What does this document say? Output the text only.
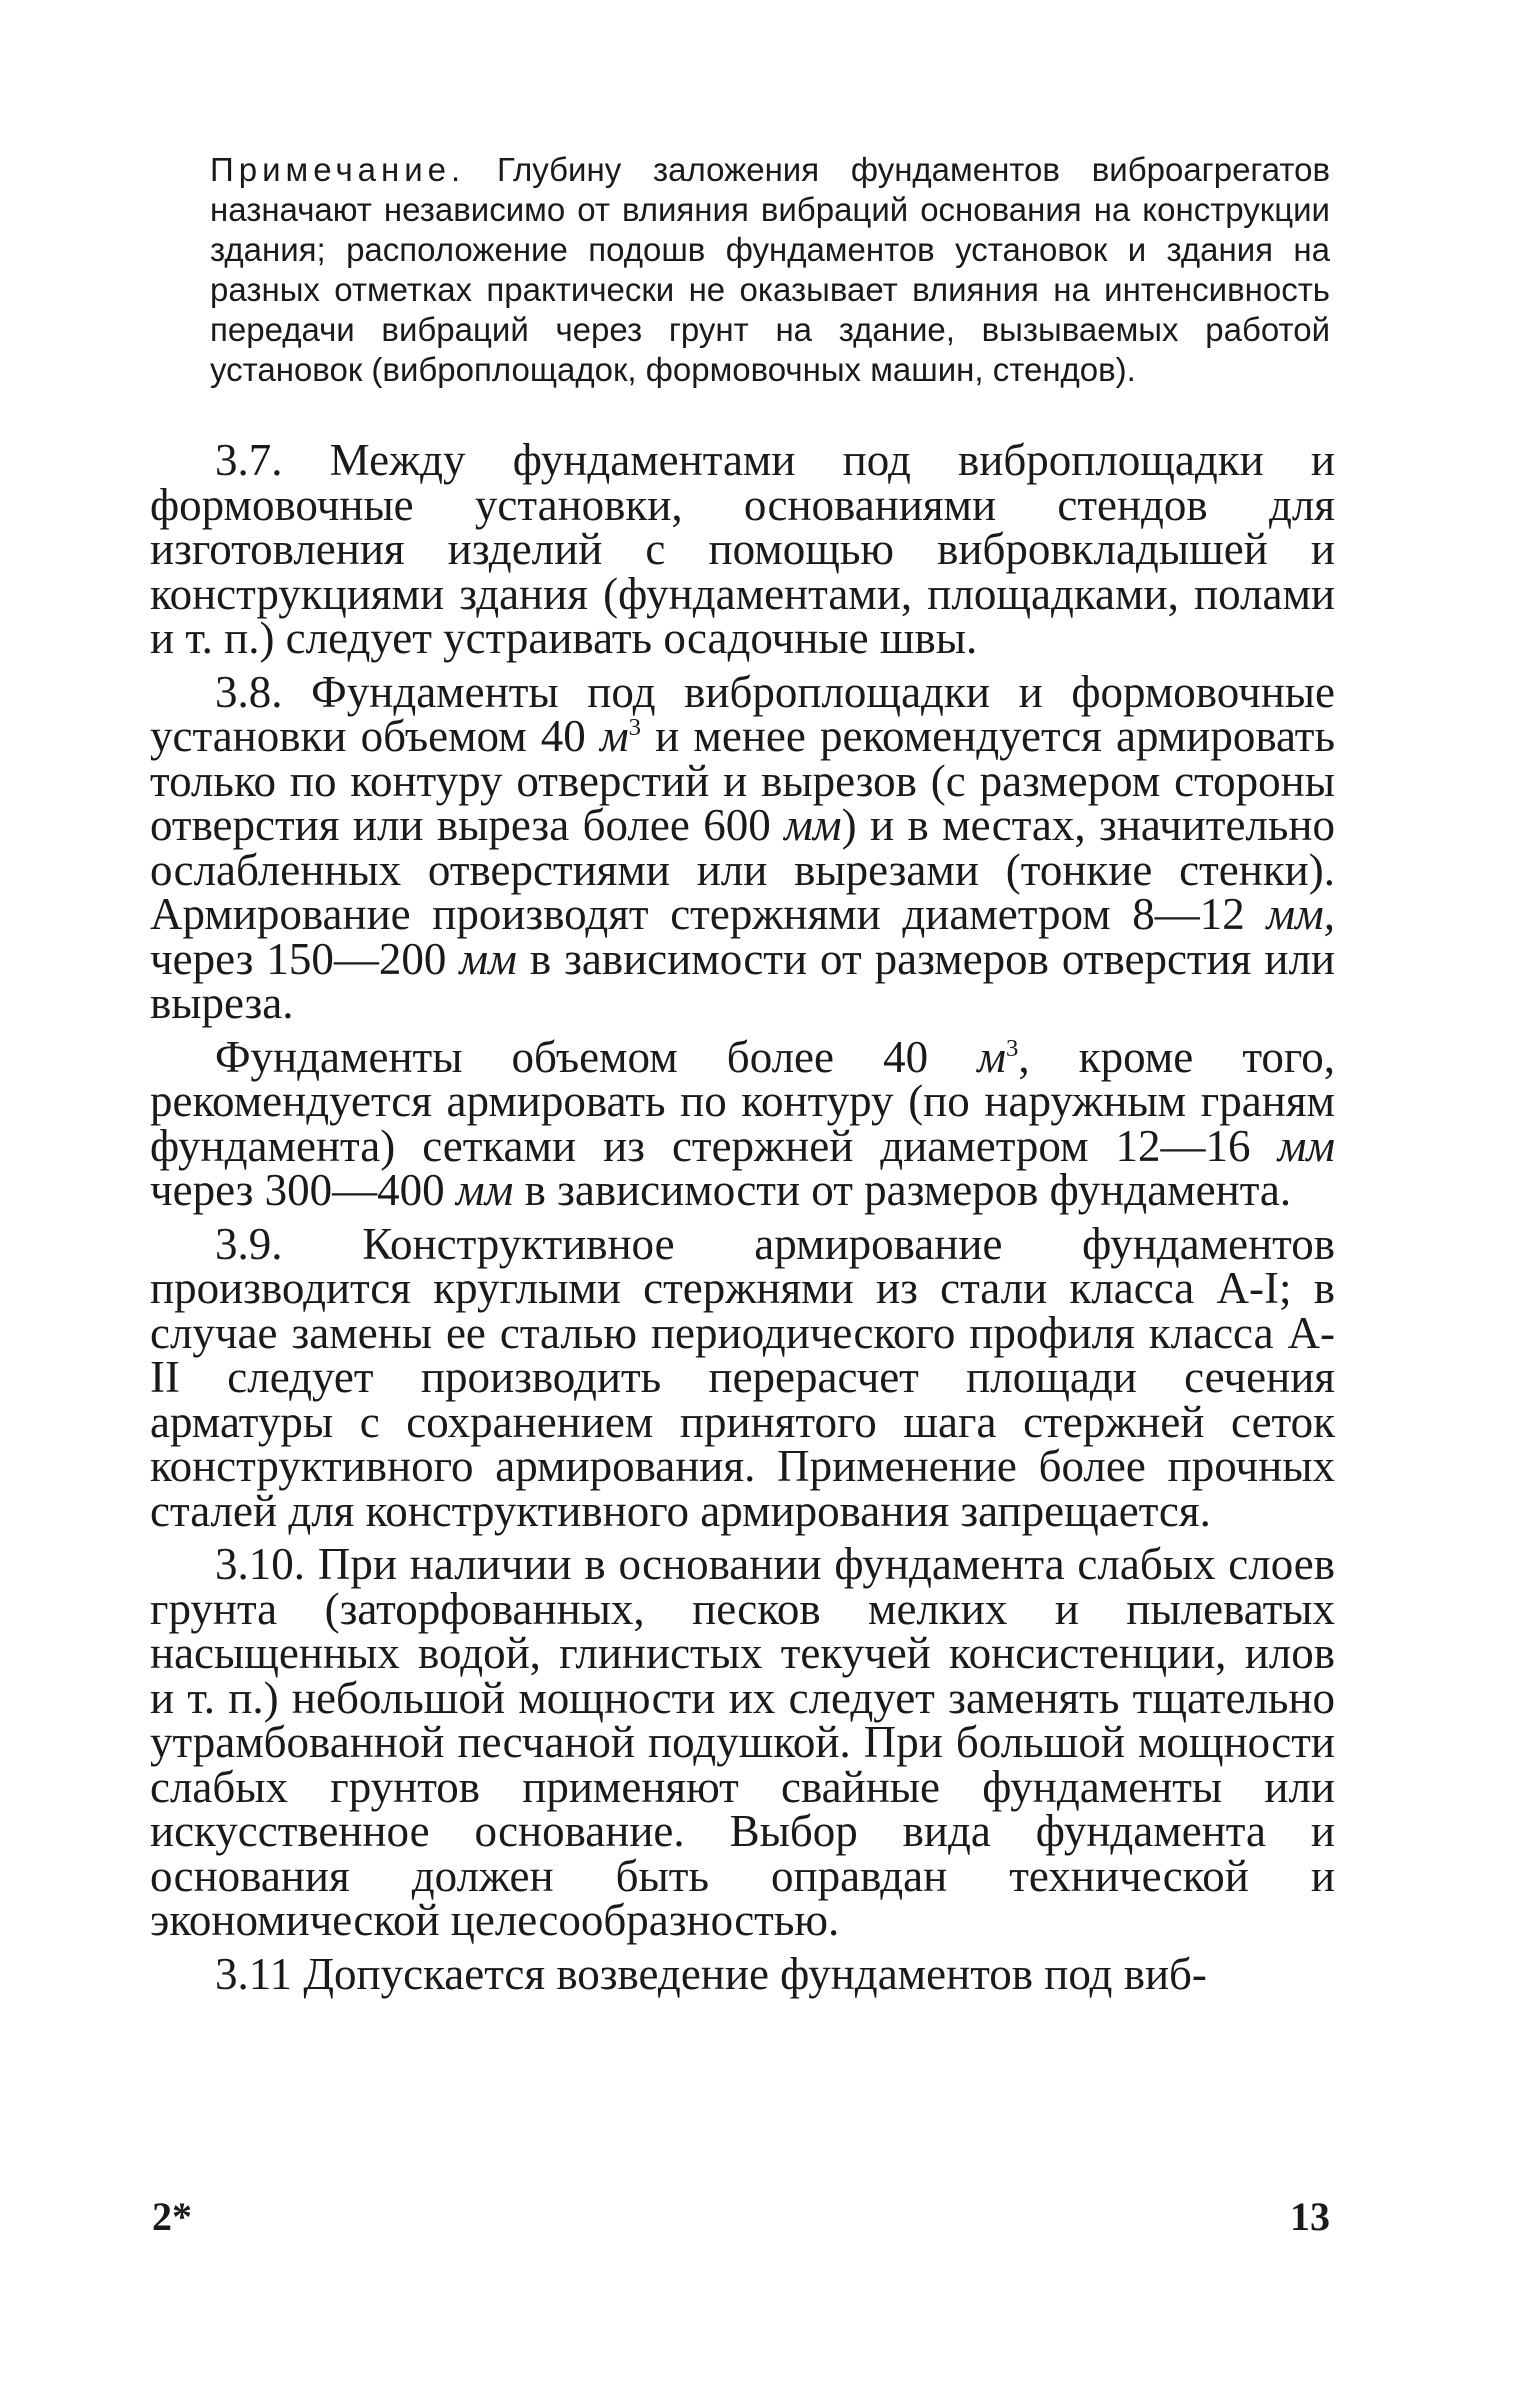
Примечание. Глубину заложения фундаментов виброагрегатов назначают независимо от влияния вибраций основания на конструкции здания; расположение подошв фундаментов установок и здания на разных отметках практически не оказывает влияния на интенсивность передачи вибраций через грунт на здание, вызываемых работой установок (виброплощадок, формовочных машин, стендов).

3.7. Между фундаментами под виброплощадки и формовочные установки, основаниями стендов для изготовления изделий с помощью вибровкладышей и конструкциями здания (фундаментами, площадками, полами и т. п.) следует устраивать осадочные швы.

3.8. Фундаменты под виброплощадки и формовочные установки объемом 40 $м^3$ и менее рекомендуется армировать только по контуру отверстий и вырезов (с размером стороны отверстия или выреза более 600 мм) и в местах, значительно ослабленных отверстиями или вырезами (тонкие стенки). Армирование производят стержнями диаметром 8—12 мм, через 150—200 мм в зависимости от размеров отверстия или выреза.

Фундаменты объемом более 40 $м^3$, кроме того, рекомендуется армировать по контуру (по наружным граням фундамента) сетками из стержней диаметром 12—16 мм через 300—400 мм в зависимости от размеров фундамента.

3.9. Конструктивное армирование фундаментов производится круглыми стержнями из стали класса А-I; в случае замены ее сталью периодического профиля класса А-II следует производить перерасчет площади сечения арматуры с сохранением принятого шага стержней сеток конструктивного армирования. Применение более прочных сталей для конструктивного армирования запрещается.

3.10. При наличии в основании фундамента слабых слоев грунта (заторфованных, песков мелких и пылеватых насыщенных водой, глинистых текучей консистенции, илов и т. п.) небольшой мощности их следует заменять тщательно утрамбованной песчаной подушкой. При большой мощности слабых грунтов применяют свайные фундаменты или искусственное основание. Выбор вида фундамента и основания должен быть оправдан технической и экономической целесообразностью.

3.11 Допускается возведение фундаментов под виб-

2*	13
